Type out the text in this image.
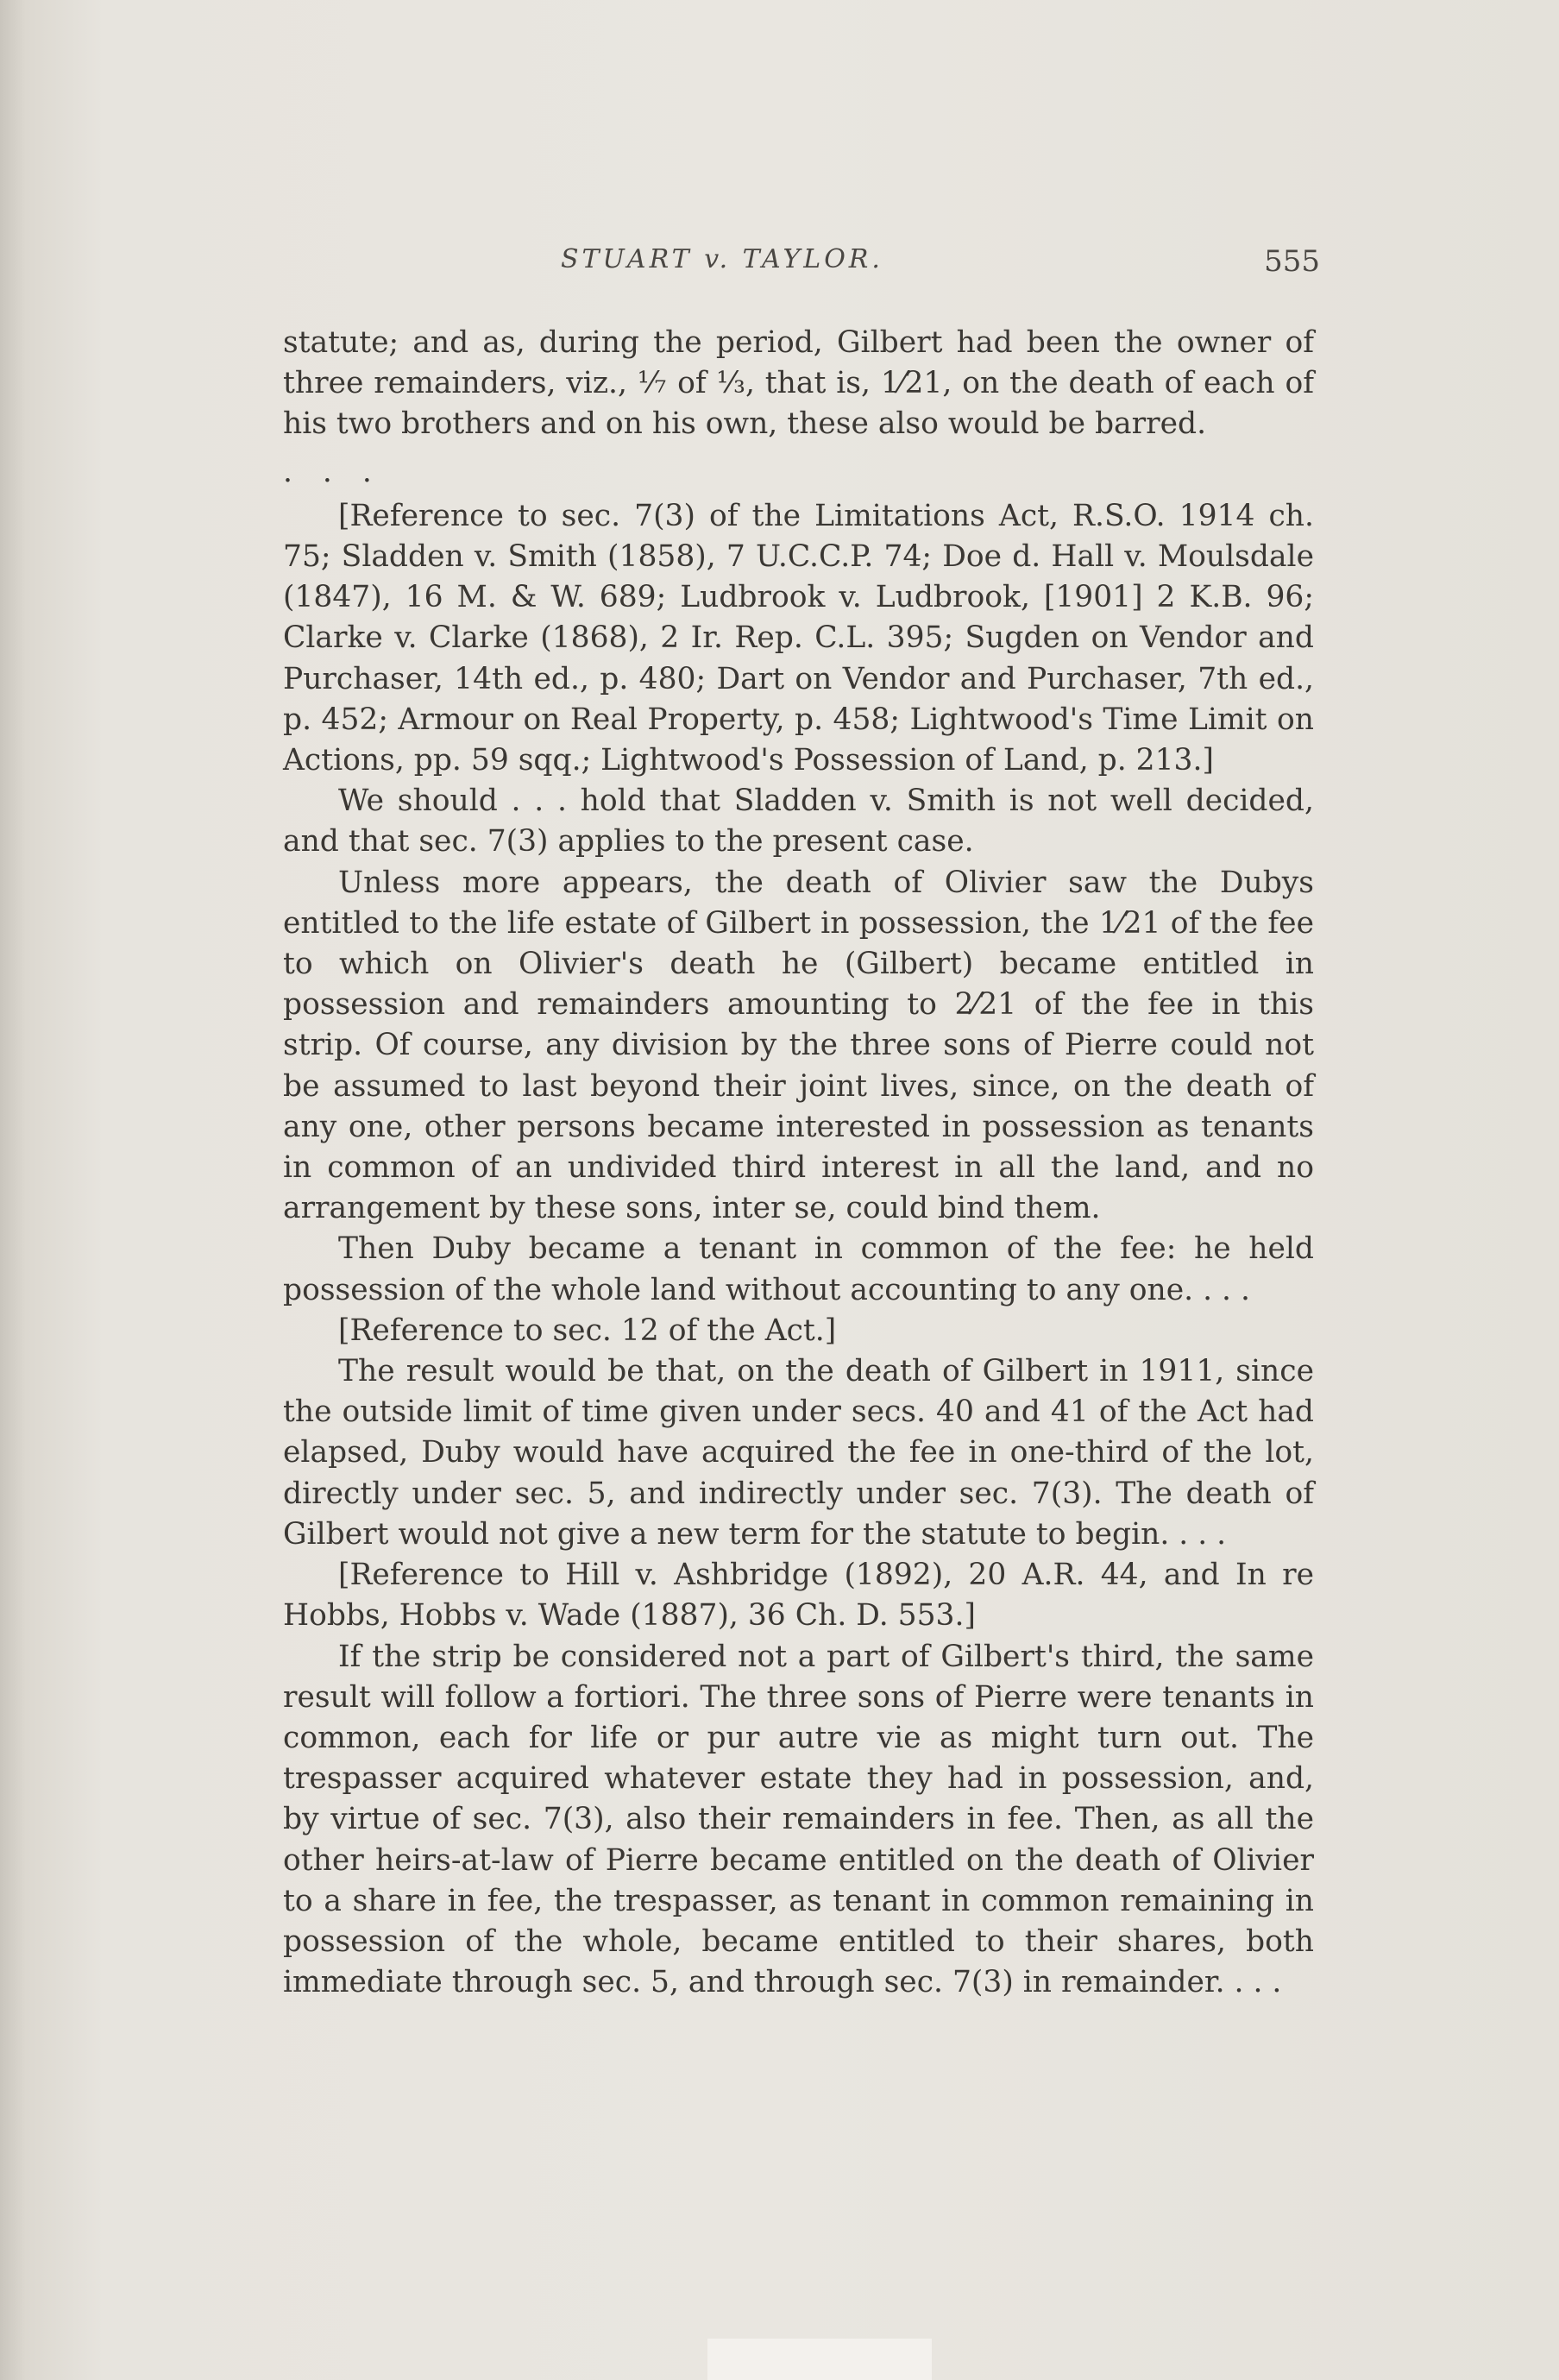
STUART v. TAYLOR.	555

statute; and as, during the period, Gilbert had been the owner of three remainders, viz., ⅐ of ⅓, that is, 1⁄21, on the death of each of his two brothers and on his own, these also would be barred.

. . .

[Reference to sec. 7(3) of the Limitations Act, R.S.O. 1914 ch. 75; Sladden v. Smith (1858), 7 U.C.C.P. 74; Doe d. Hall v. Moulsdale (1847), 16 M. & W. 689; Ludbrook v. Ludbrook, [1901] 2 K.B. 96; Clarke v. Clarke (1868), 2 Ir. Rep. C.L. 395; Sugden on Vendor and Purchaser, 14th ed., p. 480; Dart on Vendor and Purchaser, 7th ed., p. 452; Armour on Real Property, p. 458; Lightwood's Time Limit on Actions, pp. 59 sqq.; Lightwood's Possession of Land, p. 213.]

We should . . . hold that Sladden v. Smith is not well decided, and that sec. 7(3) applies to the present case.

Unless more appears, the death of Olivier saw the Dubys entitled to the life estate of Gilbert in possession, the 1⁄21 of the fee to which on Olivier's death he (Gilbert) became entitled in possession and remainders amounting to 2⁄21 of the fee in this strip. Of course, any division by the three sons of Pierre could not be assumed to last beyond their joint lives, since, on the death of any one, other persons became interested in possession as tenants in common of an undivided third interest in all the land, and no arrangement by these sons, inter se, could bind them.

Then Duby became a tenant in common of the fee: he held possession of the whole land without accounting to any one. . . .

[Reference to sec. 12 of the Act.]

The result would be that, on the death of Gilbert in 1911, since the outside limit of time given under secs. 40 and 41 of the Act had elapsed, Duby would have acquired the fee in one-third of the lot, directly under sec. 5, and indirectly under sec. 7(3). The death of Gilbert would not give a new term for the statute to begin. . . .

[Reference to Hill v. Ashbridge (1892), 20 A.R. 44, and In re Hobbs, Hobbs v. Wade (1887), 36 Ch. D. 553.]

If the strip be considered not a part of Gilbert's third, the same result will follow a fortiori. The three sons of Pierre were tenants in common, each for life or pur autre vie as might turn out. The trespasser acquired whatever estate they had in possession, and, by virtue of sec. 7(3), also their remainders in fee. Then, as all the other heirs-at-law of Pierre became entitled on the death of Olivier to a share in fee, the trespasser, as tenant in common remaining in possession of the whole, became entitled to their shares, both immediate through sec. 5, and through sec. 7(3) in remainder. . . .
